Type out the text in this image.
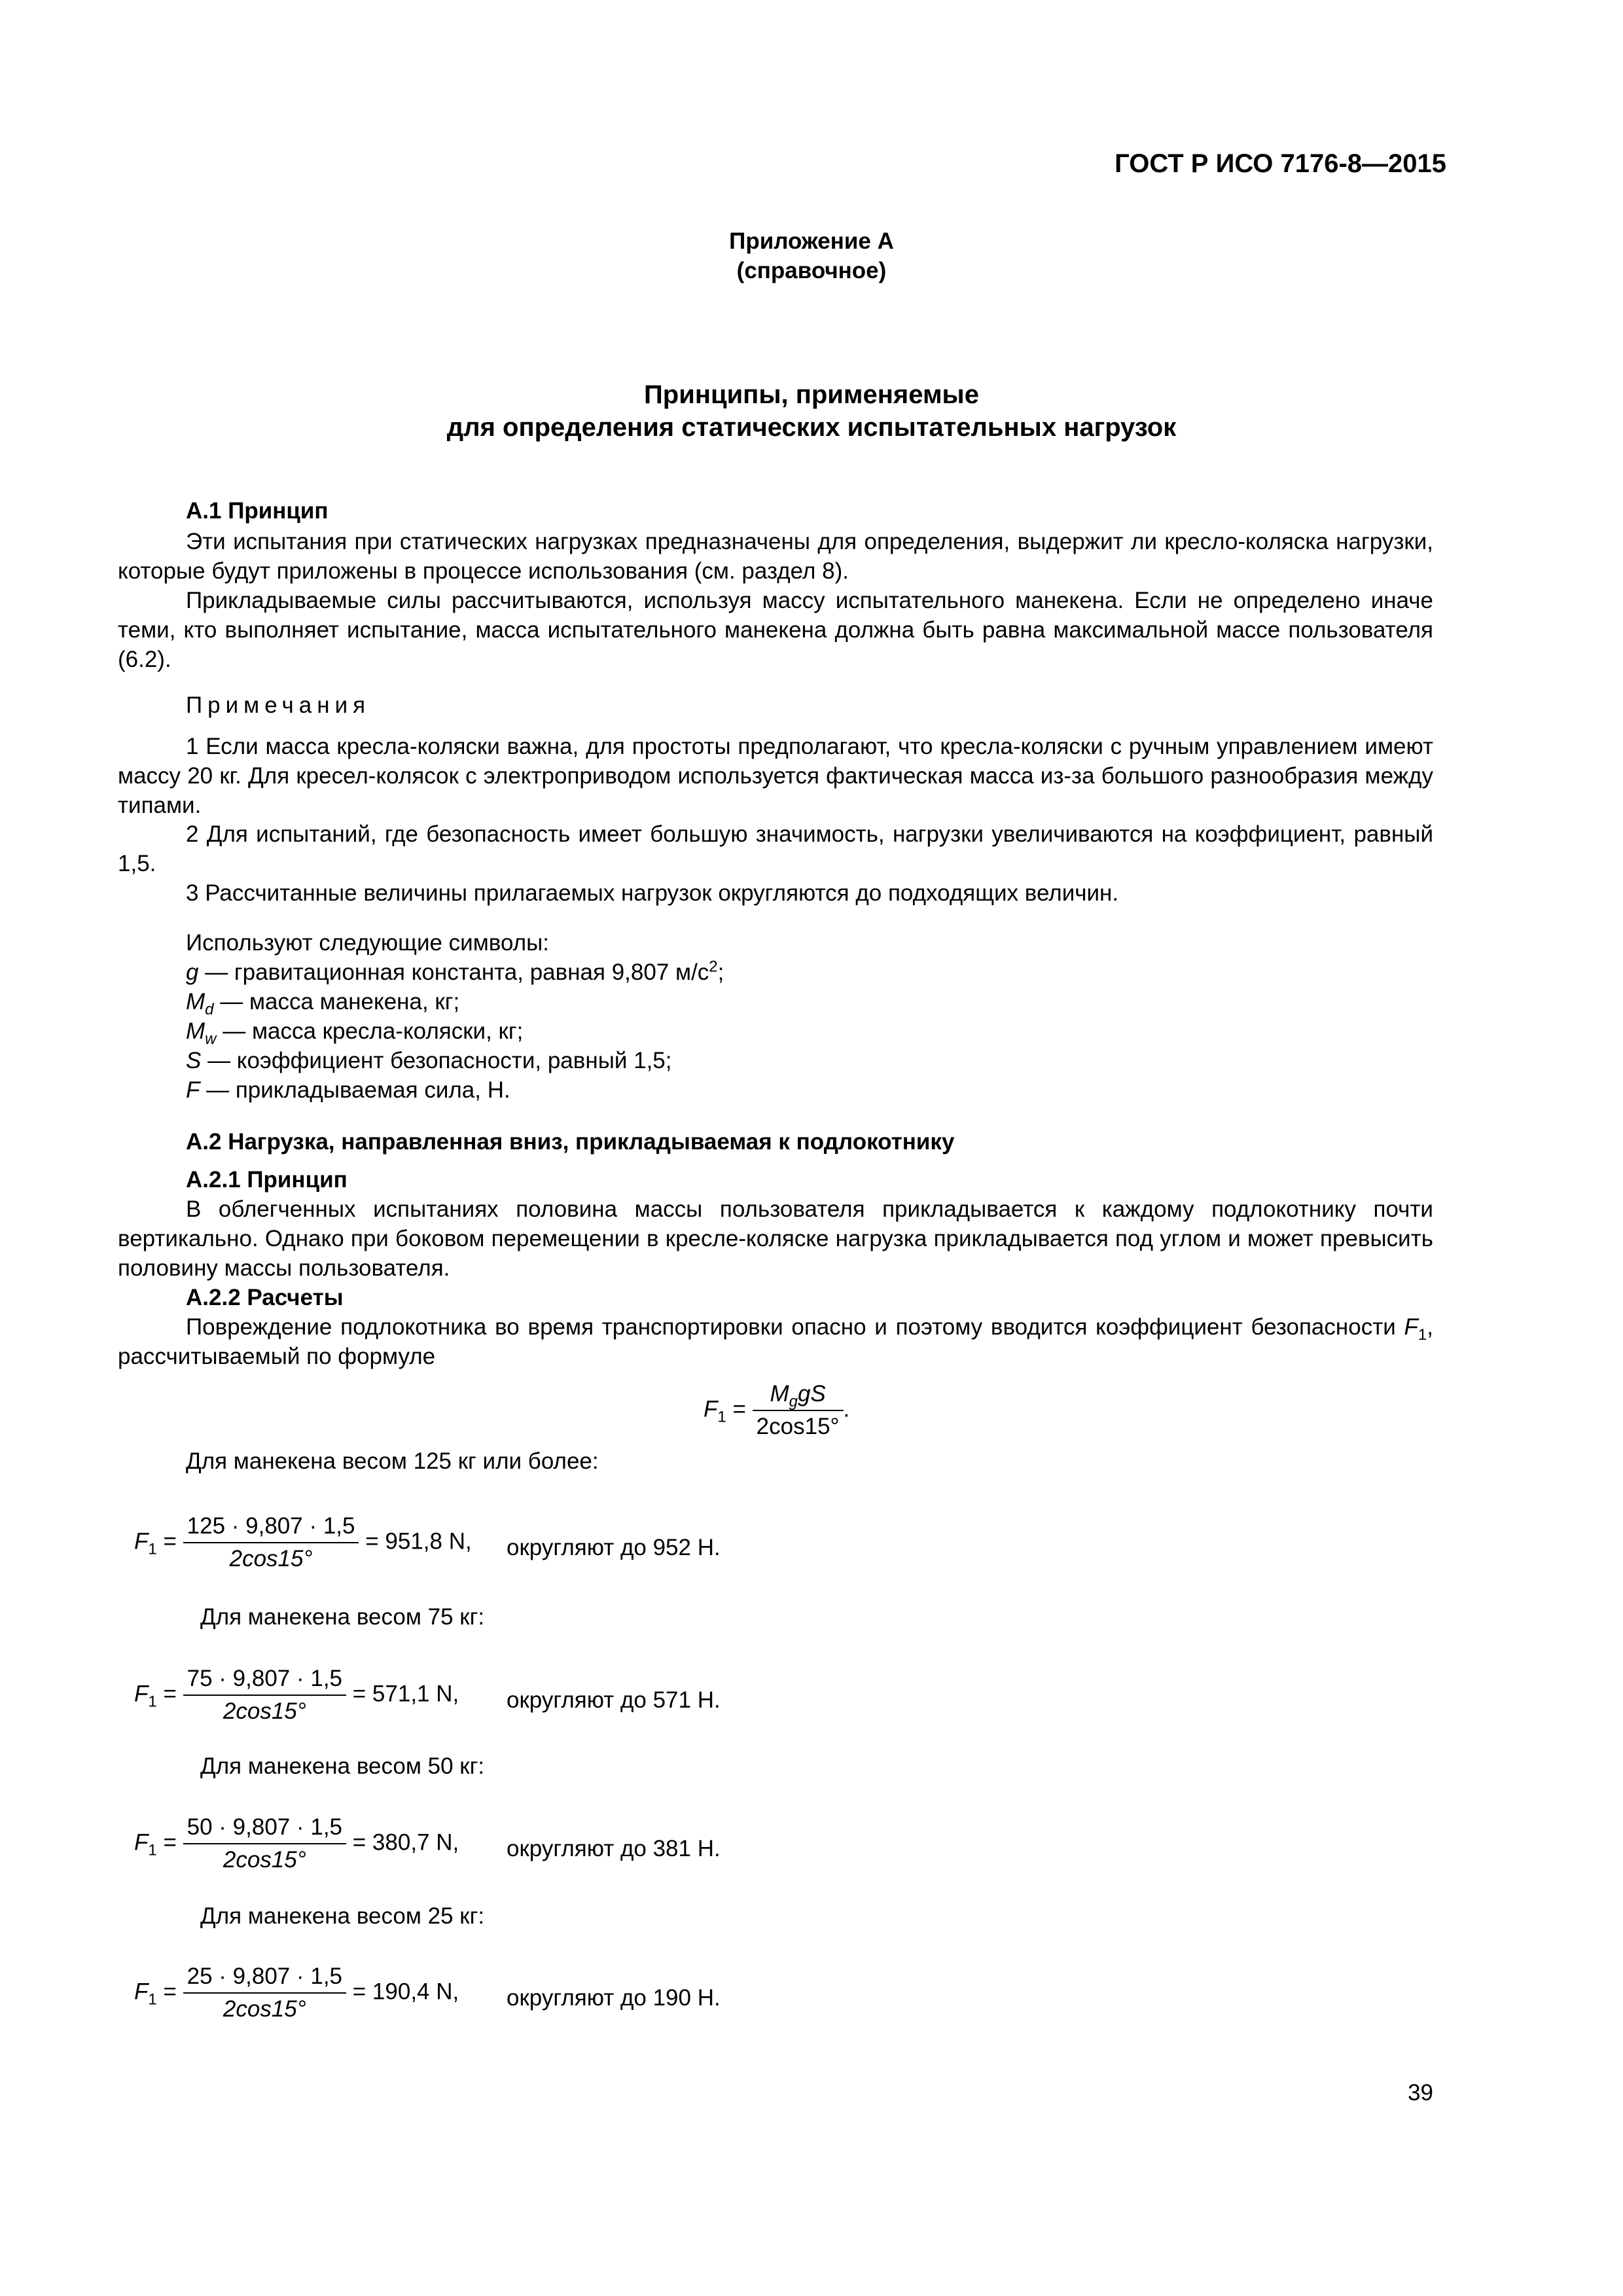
ГОСТ Р ИСО 7176-8—2015
Приложение А
(справочное)
Принципы, применяемые
для определения статических испытательных нагрузок
А.1 Принцип
Эти испытания при статических нагрузках предназначены для определения, выдержит ли кресло-коляска нагрузки, которые будут приложены в процессе использования (см. раздел 8).
Прикладываемые силы рассчитываются, используя массу испытательного манекена. Если не определено иначе теми, кто выполняет испытание, масса испытательного манекена должна быть равна максимальной массе пользователя (6.2).
Примечания
1 Если масса кресла-коляски важна, для простоты предполагают, что кресла-коляски с ручным управлением имеют массу 20 кг. Для кресел-колясок с электроприводом используется фактическая масса из-за большого разнообразия между типами.
2 Для испытаний, где безопасность имеет большую значимость, нагрузки увеличиваются на коэффициент, равный 1,5.
3 Рассчитанные величины прилагаемых нагрузок округляются до подходящих величин.
Используют следующие символы:
g — гравитационная константа, равная 9,807 $м/с^2$;
$M_d$ — масса манекена, кг;
$M_w$ — масса кресла-коляски, кг;
S — коэффициент безопасности, равный 1,5;
F — прикладываемая сила, Н.
А.2 Нагрузка, направленная вниз, прикладываемая к подлокотнику
А.2.1 Принцип
В облегченных испытаниях половина массы пользователя прикладывается к каждому подлокотнику почти вертикально. Однако при боковом перемещении в кресле-коляске нагрузка прикладывается под углом и может превысить половину массы пользователя.
А.2.2 Расчеты
Повреждение подлокотника во время транспортировки опасно и поэтому вводится коэффициент безопасности $F_1$, рассчитываемый по формуле
$F_1 = \frac{M_ggS}{2\cos 15^\circ}$ .
Для манекена весом 125 кг или более:
$F_1 = \frac{125 \cdot 9,807 \cdot 1,5}{2\cos 15^\circ} = 951,8$ N, округляют до 952 Н.
Для манекена весом 75 кг:
$F_1 = \frac{75 \cdot 9,807 \cdot 1,5}{2\cos 15^\circ} = 571,1$ N, округляют до 571 Н.
Для манекена весом 50 кг:
$F_1 = \frac{50 \cdot 9,807 \cdot 1,5}{2\cos 15^\circ} = 380,7$ N, округляют до 381 Н.
Для манекена весом 25 кг:
$F_1 = \frac{25 \cdot 9,807 \cdot 1,5}{2\cos 15^\circ} = 190,4$ N, округляют до 190 Н.
39
